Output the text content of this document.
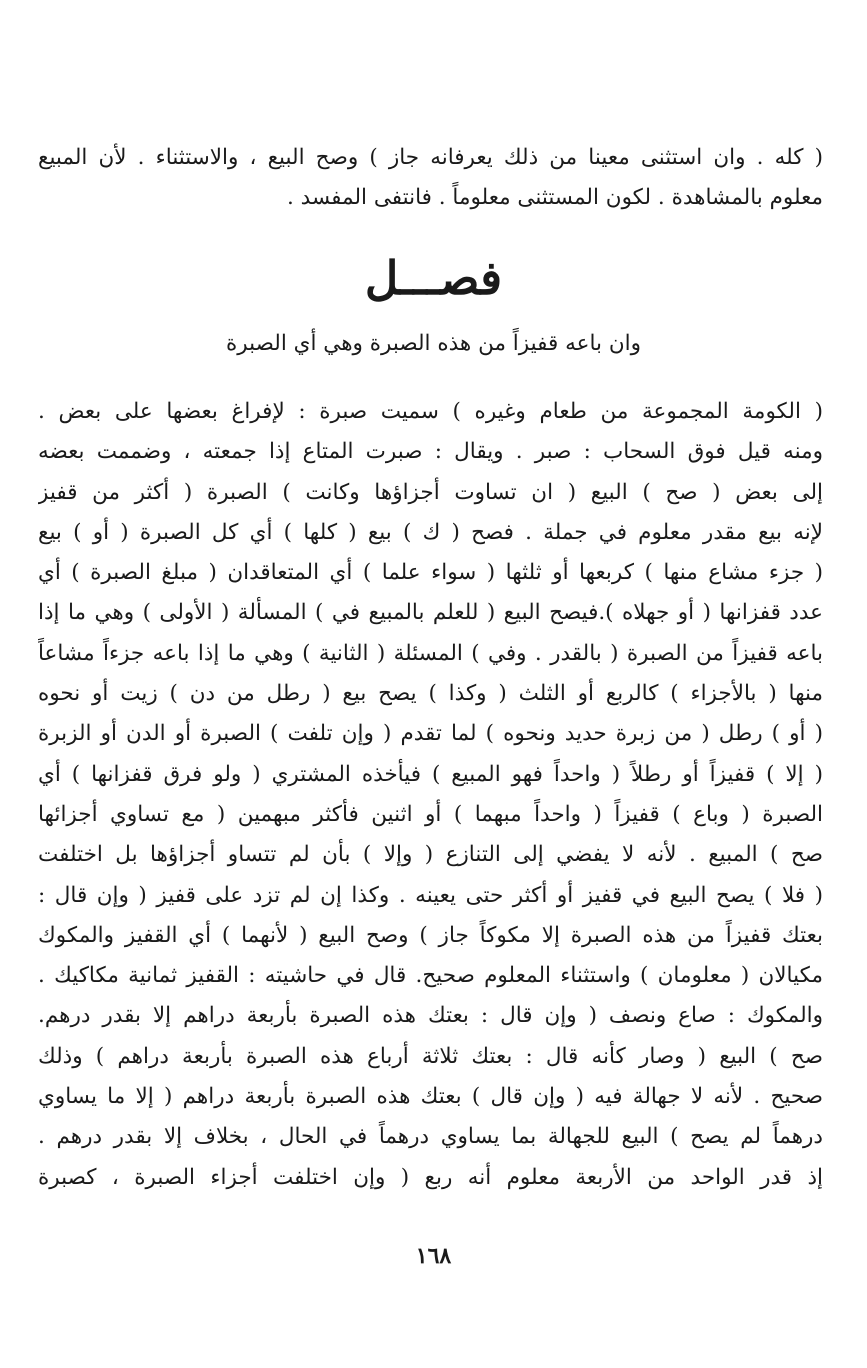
( كله . وان استثنى معينا من ذلك يعرفانه جاز ) وصح البيع ، والاستثناء . لأن المبيع
معلوم بالمشاهدة . لكون المستثنى معلوماً . فانتفى المفسد .
فصـــل
وان باعه قفيزاً من هذه الصبرة وهي أي الصبرة
( الكومة المجموعة من طعام وغيره ) سميت صبرة : لإفراغ بعضها على بعض .
ومنه قيل فوق السحاب : صبر . ويقال : صبرت المتاع إذا جمعته ، وضممت بعضه
إلى بعض ( صح ) البيع ( ان تساوت أجزاؤها وكانت ) الصبرة ( أكثر من قفيز
لإنه بيع مقدر معلوم في جملة . فصح ( ك ) بيع ( كلها ) أي كل الصبرة ( أو ) بيع
( جزء مشاع منها ) كربعها أو ثلثها ( سواء علما ) أي المتعاقدان ( مبلغ الصبرة ) أي
عدد قفزانها ( أو جهلاه ).فيصح البيع ( للعلم بالمبيع في ) المسألة ( الأولى ) وهي ما إذا
باعه قفيزاً من الصبرة ( بالقدر . وفي ) المسئلة ( الثانية ) وهي ما إذا باعه جزءاً مشاعاً
منها ( بالأجزاء ) كالربع أو الثلث ( وكذا ) يصح بيع ( رطل من دن ) زيت أو نحوه
( أو ) رطل ( من زبرة حديد ونحوه ) لما تقدم ( وإن تلفت ) الصبرة أو الدن أو الزبرة
( إلا ) قفيزاً أو رطلاً ( واحداً فهو المبيع ) فيأخذه المشتري ( ولو فرق قفزانها ) أي
الصبرة ( وباع ) قفيزاً ( واحداً مبهما ) أو اثنين فأكثر مبهمين ( مع تساوي أجزائها
صح ) المبيع . لأنه لا يفضي إلى التنازع ( وإلا ) بأن لم تتساو أجزاؤها بل اختلفت
( فلا ) يصح البيع في قفيز أو أكثر حتى يعينه . وكذا إن لم تزد على قفيز ( وإن قال :
بعتك قفيزاً من هذه الصبرة إلا مكوكاً جاز ) وصح البيع ( لأنهما ) أي القفيز والمكوك
مكيالان ( معلومان ) واستثناء المعلوم صحيح. قال في حاشيته : القفيز ثمانية مكاكيك .
والمكوك : صاع ونصف ( وإن قال : بعتك هذه الصبرة بأربعة دراهم إلا بقدر درهم.
صح ) البيع ( وصار كأنه قال : بعتك ثلاثة أرباع هذه الصبرة بأربعة دراهم ) وذلك
صحيح . لأنه لا جهالة فيه ( وإن قال ) بعتك هذه الصبرة بأربعة دراهم ( إلا ما يساوي
درهماً لم يصح ) البيع للجهالة بما يساوي درهماً في الحال ، بخلاف إلا بقدر درهم .
إذ قدر الواحد من الأربعة معلوم أنه ربع ( وإن اختلفت أجزاء الصبرة ، كصبرة
١٦٨
